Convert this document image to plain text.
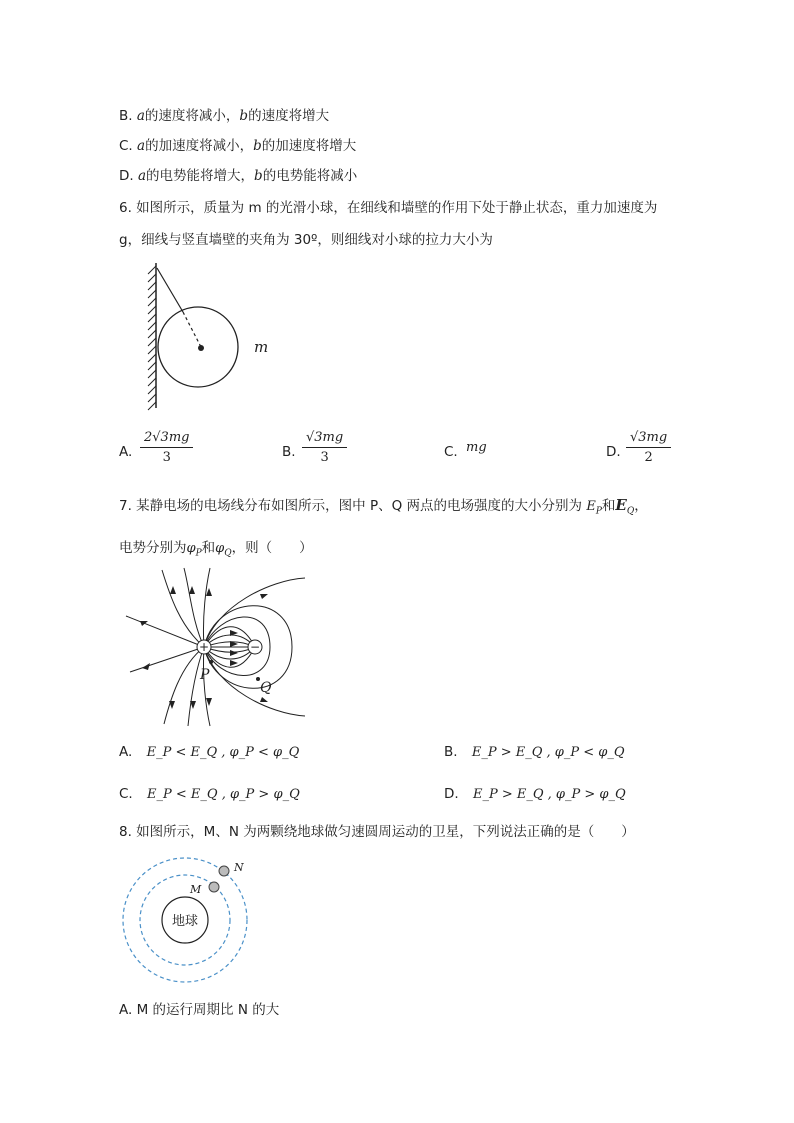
B. a的速度将减小，b的速度将增大
C. a的加速度将减小，b的加速度将增大
D. a的电势能将增大，b的电势能将减小
6. 如图所示，质量为 m 的光滑小球，在细线和墙壁的作用下处于静止状态，重力加速度为
g，细线与竖直墙壁的夹角为 30º，则细线对小球的拉力大小为
m
A. $\frac{2√3mg}{3}$	B. $\frac{√3mg}{3}$	C. mg	D. $\frac{√3mg}{2}$
7. 某静电场的电场线分布如图所示，图中 P、Q 两点的电场强度的大小分别为 $E_P$和$E_Q$，
电势分别为$\varphi_P$和$\varphi_Q$，则（　　）
+	−
P
Q
A. E_P < E_Q , φ_P < φ_Q	B. E_P > E_Q , φ_P < φ_Q
C. E_P < E_Q , φ_P > φ_Q	D. E_P > E_Q , φ_P > φ_Q
8. 如图所示，M、N 为两颗绕地球做匀速圆周运动的卫星，下列说法正确的是（　　）
地球
N
M
A. M 的运行周期比 N 的大
